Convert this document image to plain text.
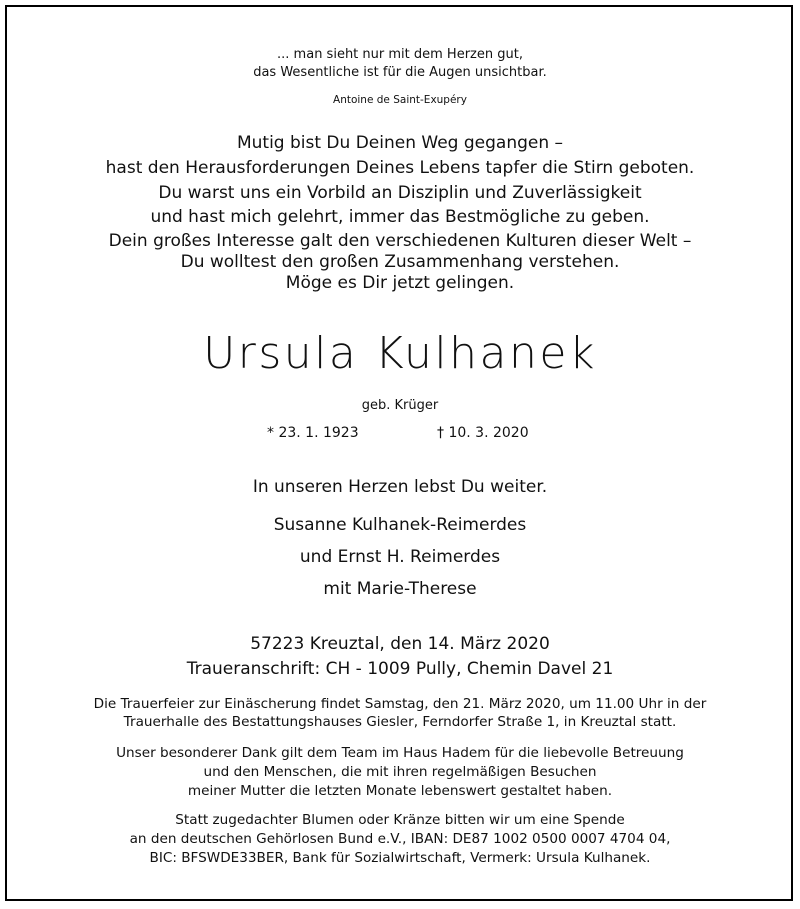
... man sieht nur mit dem Herzen gut,
das Wesentliche ist für die Augen unsichtbar.
Antoine de Saint-Exupéry
Mutig bist Du Deinen Weg gegangen –
hast den Herausforderungen Deines Lebens tapfer die Stirn geboten.
Du warst uns ein Vorbild an Disziplin und Zuverlässigkeit
und hast mich gelehrt, immer das Bestmögliche zu geben.
Dein großes Interesse galt den verschiedenen Kulturen dieser Welt –
Du wolltest den großen Zusammenhang verstehen.
Möge es Dir jetzt gelingen.
Ursula Kulhanek
geb. Krüger
* 23. 1. 1923	† 10. 3. 2020
In unseren Herzen lebst Du weiter.
Susanne Kulhanek-Reimerdes
und Ernst H. Reimerdes
mit Marie-Therese
57223 Kreuztal, den 14. März 2020
Traueranschrift: CH - 1009 Pully, Chemin Davel 21
Die Trauerfeier zur Einäscherung findet Samstag, den 21. März 2020, um 11.00 Uhr in der
Trauerhalle des Bestattungshauses Giesler, Ferndorfer Straße 1, in Kreuztal statt.
Unser besonderer Dank gilt dem Team im Haus Hadem für die liebevolle Betreuung
und den Menschen, die mit ihren regelmäßigen Besuchen
meiner Mutter die letzten Monate lebenswert gestaltet haben.
Statt zugedachter Blumen oder Kränze bitten wir um eine Spende
an den deutschen Gehörlosen Bund e.V., IBAN: DE87 1002 0500 0007 4704 04,
BIC: BFSWDE33BER, Bank für Sozialwirtschaft, Vermerk: Ursula Kulhanek.
